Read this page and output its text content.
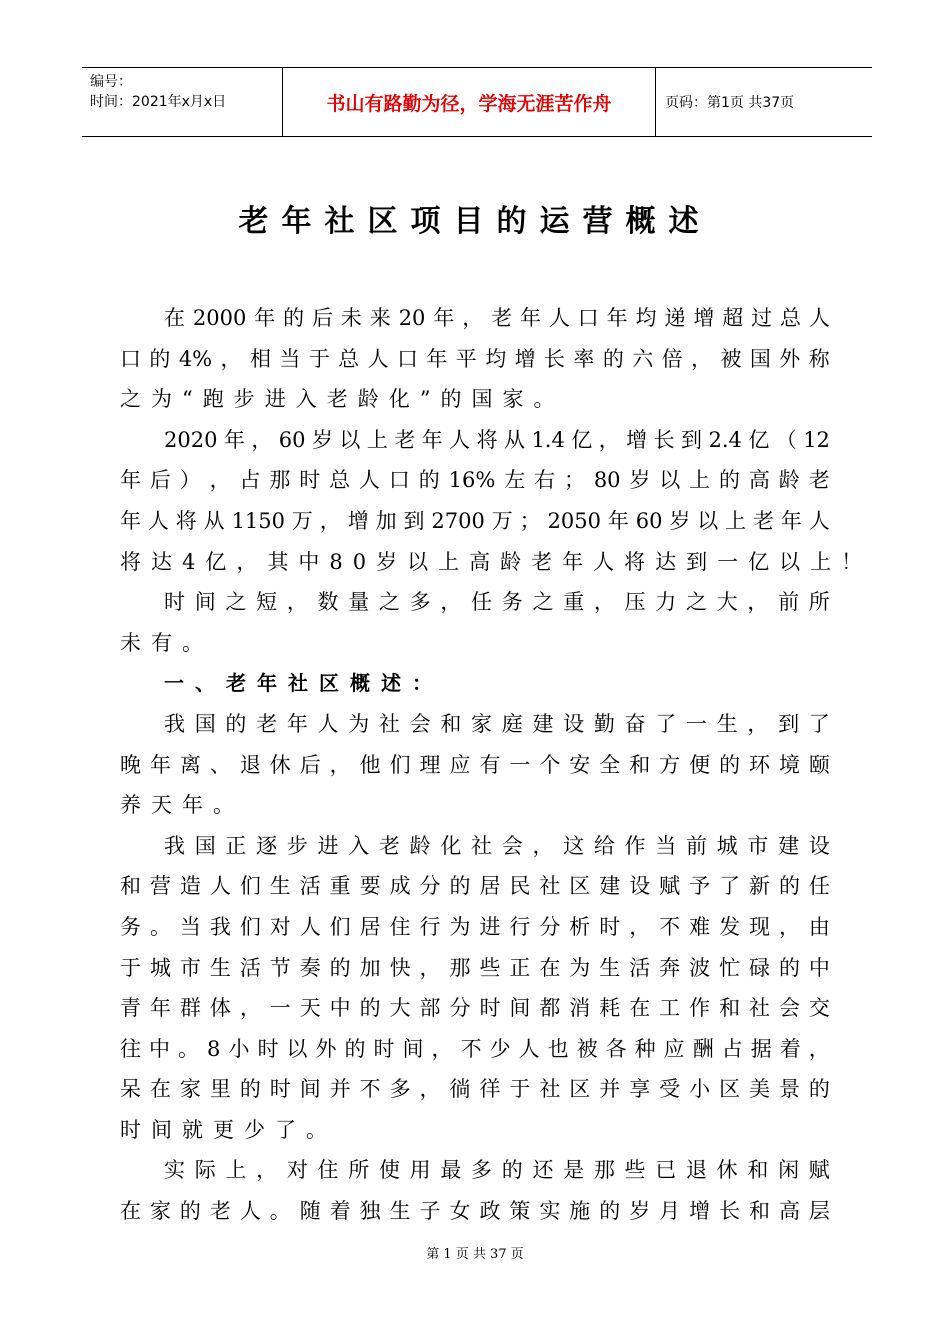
编号：
时间：2021年x月x日	书山有路勤为径，学海无涯苦作舟	页码：第1页 共37页
老年社区项目的运营概述
在 2000 年 的 后 未 来 20 年 ， 老 年 人 口 年 均 递 增 超 过 总 人
口 的 4% ， 相 当 于 总 人 口 年 平 均 增 长 率 的 六 倍 ， 被 国 外 称
之为“跑步进入老龄化”的国家。
2020 年 ， 60 岁 以 上 老 年 人 将 从 1.4 亿 ， 增 长 到 2.4 亿 （ 12
年 后 ） ， 占 那 时 总 人 口 的 16% 左 右 ； 80 岁 以 上 的 高 龄 老
年 人 将 从 1150 万 ， 增 加 到 2700 万 ； 2050 年 60 岁 以 上 老 年 人
将达4亿，其中80岁以上高龄老年人将达到一亿以上！
时 间 之 短 ， 数 量 之 多 ， 任 务 之 重 ， 压 力 之 大 ， 前 所
未有。
一、老年社区概述：
我 国 的 老 年 人 为 社 会 和 家 庭 建 设 勤 奋 了 一 生 ， 到 了
晚 年 离 、 退 休 后 ， 他 们 理 应 有 一 个 安 全 和 方 便 的 环 境 颐
养天年。
我 国 正 逐 步 进 入 老 龄 化 社 会 ， 这 给 作 当 前 城 市 建 设
和 营 造 人 们 生 活 重 要 成 分 的 居 民 社 区 建 设 赋 予 了 新 的 任
务 。 当 我 们 对 人 们 居 住 行 为 进 行 分 析 时 ， 不 难 发 现 ， 由
于 城 市 生 活 节 奏 的 加 快 ， 那 些 正 在 为 生 活 奔 波 忙 碌 的 中
青 年 群 体 ， 一 天 中 的 大 部 分 时 间 都 消 耗 在 工 作 和 社 会 交
往 中 。 8 小 时 以 外 的 时 间 ， 不 少 人 也 被 各 种 应 酬 占 据 着 ，
呆 在 家 里 的 时 间 并 不 多 ， 徜 徉 于 社 区 并 享 受 小 区 美 景 的
时间就更少了。
实 际 上 ， 对 住 所 使 用 最 多 的 还 是 那 些 已 退 休 和 闲 赋
在 家 的 老 人 。 随 着 独 生 子 女 政 策 实 施 的 岁 月 增 长 和 高 层
第 1 页 共 37 页
